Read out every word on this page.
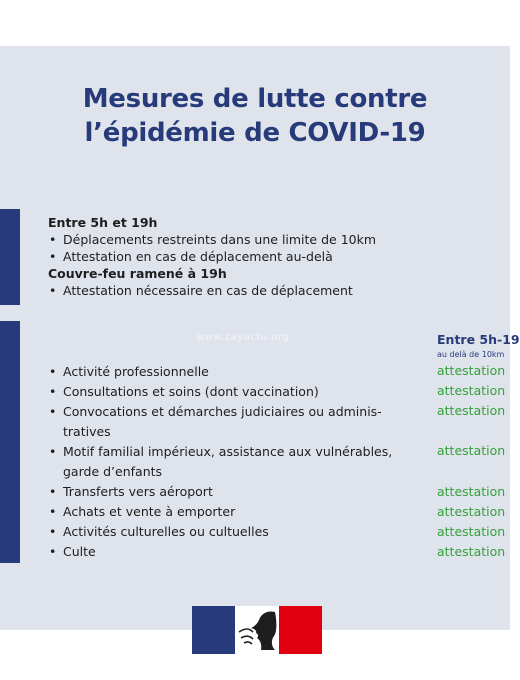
Mesures de lutte contre
l’épidémie de COVID-19
Entre 5h et 19h
• Déplacements restreints dans une limite de 10km
• Attestation en cas de déplacement au-delà
Couvre-feu ramené à 19h
• Attestation nécessaire en cas de déplacement
www.zayactu.org	Entre 5h-19
au delà de 10km
• Activité professionnelle
• Consultations et soins (dont vaccination)
• Convocations et démarches judiciaires ou adminis-tratives
• Motif familial impérieux, assistance aux vulnérables, garde d’enfants
• Transferts vers aéroport
• Achats et vente à emporter
• Activités culturelles ou cultuelles
• Culte
attestation
attestation
attestation
attestation
attestation
attestation
attestation
attestation
